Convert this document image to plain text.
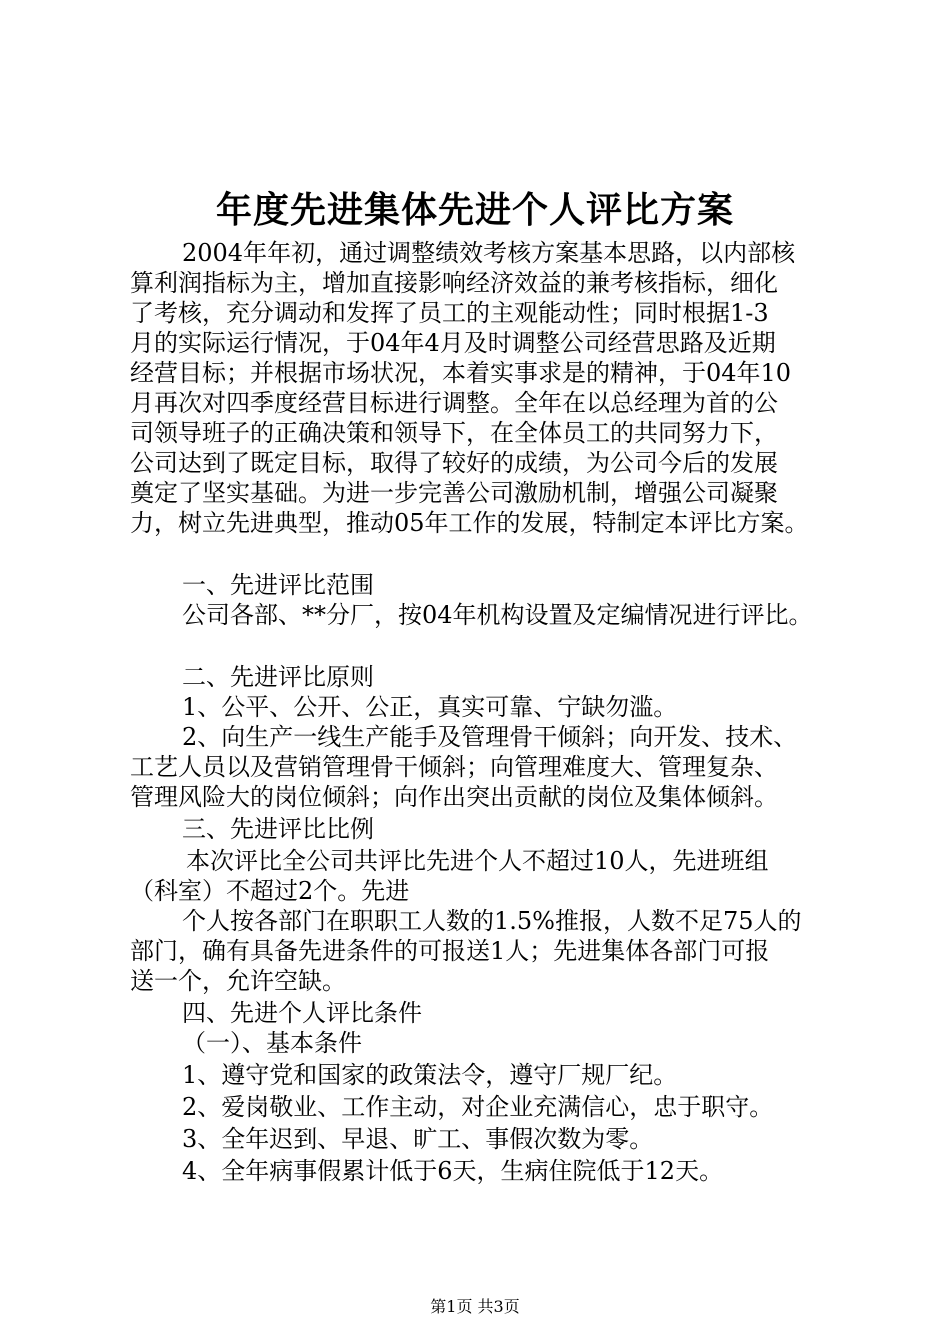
年度先进集体先进个人评比方案
2004年年初，通过调整绩效考核方案基本思路，以内部核
算利润指标为主，增加直接影响经济效益的兼考核指标，细化
了考核，充分调动和发挥了员工的主观能动性；同时根据1-3
月的实际运行情况，于04年4月及时调整公司经营思路及近期
经营目标；并根据市场状况，本着实事求是的精神，于04年10
月再次对四季度经营目标进行调整。全年在以总经理为首的公
司领导班子的正确决策和领导下，在全体员工的共同努力下，
公司达到了既定目标，取得了较好的成绩，为公司今后的发展
奠定了坚实基础。为进一步完善公司激励机制，增强公司凝聚
力，树立先进典型，推动05年工作的发展，特制定本评比方案。
一、先进评比范围
公司各部、**分厂，按04年机构设置及定编情况进行评比。
二、先进评比原则
1、公平、公开、公正，真实可靠、宁缺勿滥。
2、向生产一线生产能手及管理骨干倾斜；向开发、技术、
工艺人员以及营销管理骨干倾斜；向管理难度大、管理复杂、
管理风险大的岗位倾斜；向作出突出贡献的岗位及集体倾斜。
三、先进评比比例
本次评比全公司共评比先进个人不超过10人，先进班组
（科室）不超过2个。先进
个人按各部门在职职工人数的1.5%推报，人数不足75人的
部门，确有具备先进条件的可报送1人；先进集体各部门可报
送一个，允许空缺。
四、先进个人评比条件
（一）、基本条件
1、遵守党和国家的政策法令，遵守厂规厂纪。
2、爱岗敬业、工作主动，对企业充满信心，忠于职守。
3、全年迟到、早退、旷工、事假次数为零。
4、全年病事假累计低于6天，生病住院低于12天。
第1页 共3页
